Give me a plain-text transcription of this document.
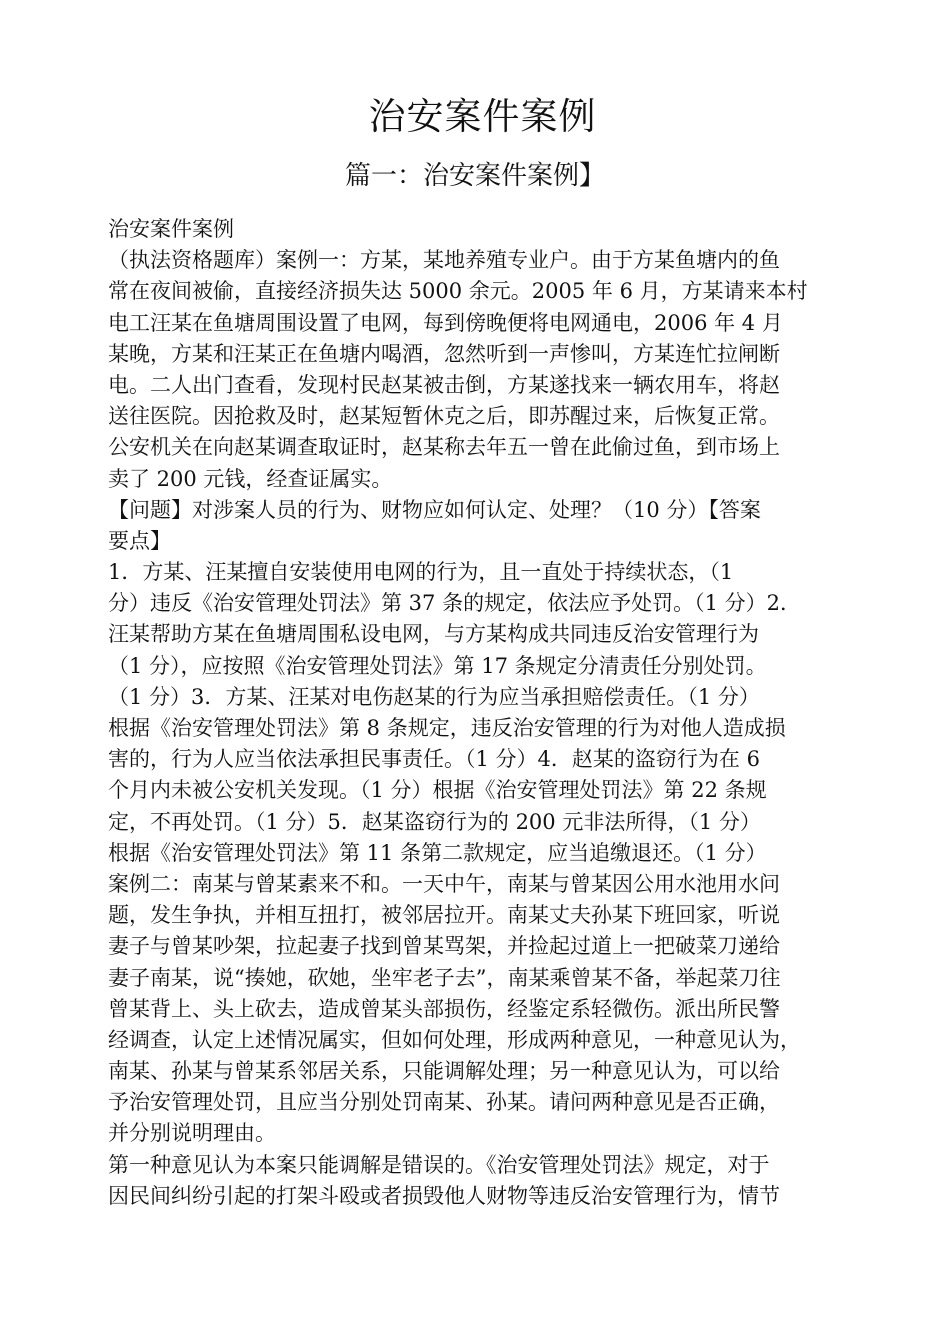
治安案件案例
篇一：治安案件案例】
治安案件案例
（执法资格题库）案例一：方某，某地养殖专业户。由于方某鱼塘内的鱼
常在夜间被偷，直接经济损失达 5000 余元。2005 年 6 月，方某请来本村
电工汪某在鱼塘周围设置了电网，每到傍晚便将电网通电，2006 年 4 月
某晚，方某和汪某正在鱼塘内喝酒，忽然听到一声惨叫，方某连忙拉闸断
电。二人出门查看，发现村民赵某被击倒，方某遂找来一辆农用车，将赵
送往医院。因抢救及时，赵某短暂休克之后，即苏醒过来，后恢复正常。
公安机关在向赵某调查取证时，赵某称去年五一曾在此偷过鱼，到市场上
卖了 200 元钱，经查证属实。
【问题】对涉案人员的行为、财物应如何认定、处理？（10 分）【答案
要点】
1．方某、汪某擅自安装使用电网的行为，且一直处于持续状态，（1
分）违反《治安管理处罚法》第 37 条的规定，依法应予处罚。（1 分）2．
汪某帮助方某在鱼塘周围私设电网，与方某构成共同违反治安管理行为
（1 分），应按照《治安管理处罚法》第 17 条规定分清责任分别处罚。
（1 分）3．方某、汪某对电伤赵某的行为应当承担赔偿责任。（1 分）
根据《治安管理处罚法》第 8 条规定，违反治安管理的行为对他人造成损
害的，行为人应当依法承担民事责任。（1 分）4．赵某的盗窃行为在 6
个月内未被公安机关发现。（1 分）根据《治安管理处罚法》第 22 条规
定，不再处罚。（1 分）5．赵某盗窃行为的 200 元非法所得，（1 分）
根据《治安管理处罚法》第 11 条第二款规定，应当追缴退还。（1 分）
案例二：南某与曾某素来不和。一天中午，南某与曾某因公用水池用水问
题，发生争执，并相互扭打，被邻居拉开。南某丈夫孙某下班回家，听说
妻子与曾某吵架，拉起妻子找到曾某骂架，并捡起过道上一把破菜刀递给
妻子南某，说“揍她，砍她，坐牢老子去”，南某乘曾某不备，举起菜刀往
曾某背上、头上砍去，造成曾某头部损伤，经鉴定系轻微伤。派出所民警
经调查，认定上述情况属实，但如何处理，形成两种意见，一种意见认为，
南某、孙某与曾某系邻居关系，只能调解处理；另一种意见认为，可以给
予治安管理处罚，且应当分别处罚南某、孙某。请问两种意见是否正确，
并分别说明理由。
第一种意见认为本案只能调解是错误的。《治安管理处罚法》规定，对于
因民间纠纷引起的打架斗殴或者损毁他人财物等违反治安管理行为，情节
